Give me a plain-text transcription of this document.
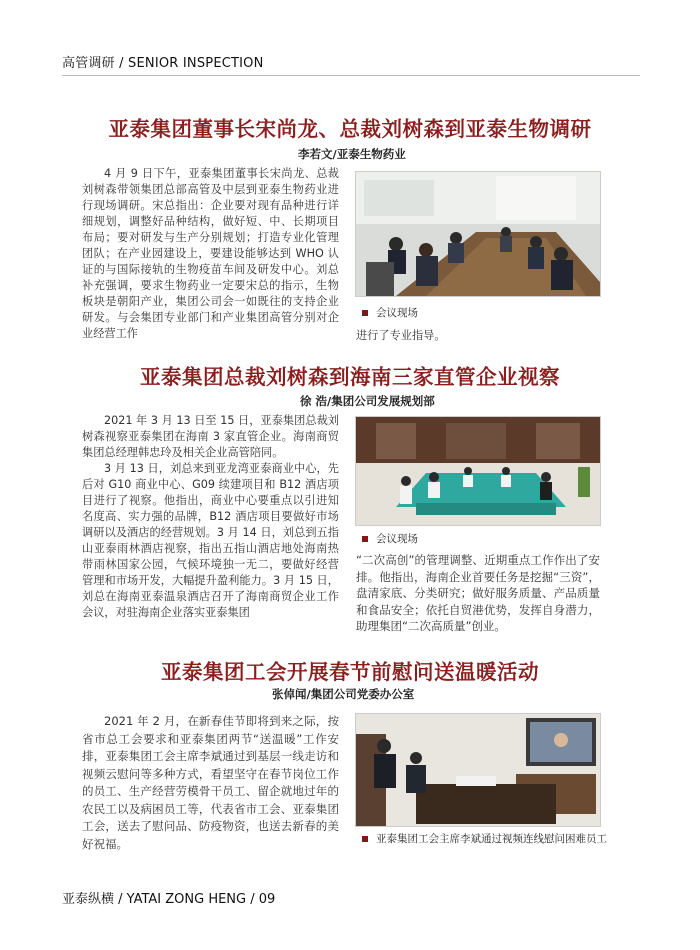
高管调研 / SENIOR INSPECTION
亚泰集团董事长宋尚龙、总裁刘树森到亚泰生物调研
李若文/亚泰生物药业
4 月 9 日下午，亚泰集团董事长宋尚龙、总裁刘树森带领集团总部高管及中层到亚泰生物药业进行现场调研。宋总指出：企业要对现有品种进行详细规划，调整好品种结构，做好短、中、长期项目布局；要对研发与生产分别规划；打造专业化管理团队；在产业园建设上，要建设能够达到 WHO 认证的与国际接轨的生物疫苗车间及研发中心。刘总补充强调，要求生物药业一定要宋总的指示，生物板块是朝阳产业，集团公司会一如既往的支持企业研发。与会集团专业部门和产业集团高管分别对企业经营工作
会议现场
进行了专业指导。
亚泰集团总裁刘树森到海南三家直管企业视察
徐 浩/集团公司发展规划部
2021 年 3 月 13 日至 15 日，亚泰集团总裁刘树森视察亚泰集团在海南 3 家直管企业。海南商贸集团总经理韩忠玲及相关企业高管陪同。
3 月 13 日，刘总来到亚龙湾亚泰商业中心，先后对 G10 商业中心、G09 续建项目和 B12 酒店项目进行了视察。他指出，商业中心要重点以引进知名度高、实力强的品牌，B12 酒店项目要做好市场调研以及酒店的经营规划。3 月 14 日，刘总到五指山亚泰雨林酒店视察，指出五指山酒店地处海南热带雨林国家公园，气候环境独一无二，要做好经营管理和市场开发，大幅提升盈利能力。3 月 15 日，刘总在海南亚泰温泉酒店召开了海南商贸企业工作会议，对驻海南企业落实亚泰集团
会议现场
“二次高创”的管理调整、近期重点工作作出了安排。他指出，海南企业首要任务是挖掘“三资”，盘清家底、分类研究；做好服务质量、产品质量和食品安全；依托自贸港优势，发挥自身潜力，助理集团“二次高质量”创业。
亚泰集团工会开展春节前慰问送温暖活动
张倬闻/集团公司党委办公室
2021 年 2 月，在新春佳节即将到来之际，按省市总工会要求和亚泰集团两节“送温暖”工作安排，亚泰集团工会主席李斌通过到基层一线走访和视频云慰问等多种方式，看望坚守在春节岗位工作的员工、生产经营劳模骨干员工、留企就地过年的农民工以及病困员工等，代表省市工会、亚泰集团工会，送去了慰问品、防疫物资，也送去新春的美好祝福。	亚泰集团工会主席李斌通过视频连线慰问困难员工
亚泰纵横 / YATAI ZONG HENG / 09
